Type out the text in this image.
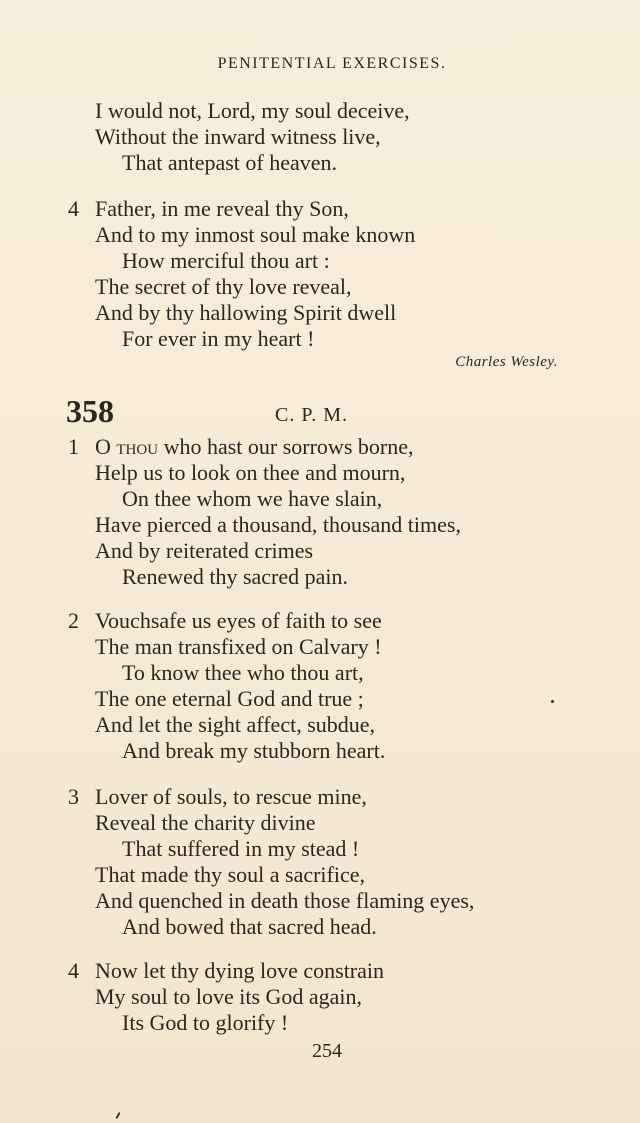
PENITENTIAL EXERCISES.
I would not, Lord, my soul deceive,
Without the inward witness live,
That antepast of heaven.
4 Father, in me reveal thy Son,
And to my inmost soul make known
How merciful thou art :
The secret of thy love reveal,
And by thy hallowing Spirit dwell
For ever in my heart !
Charles Wesley.
358	C. P. M.
1 O thou who hast our sorrows borne,
Help us to look on thee and mourn,
On thee whom we have slain,
Have pierced a thousand, thousand times,
And by reiterated crimes
Renewed thy sacred pain.
2 Vouchsafe us eyes of faith to see
The man transfixed on Calvary !
To know thee who thou art,
The one eternal God and true ;
And let the sight affect, subdue,
And break my stubborn heart.
3 Lover of souls, to rescue mine,
Reveal the charity divine
That suffered in my stead !
That made thy soul a sacrifice,
And quenched in death those flaming eyes,
And bowed that sacred head.
4 Now let thy dying love constrain
My soul to love its God again,
Its God to glorify !
254
